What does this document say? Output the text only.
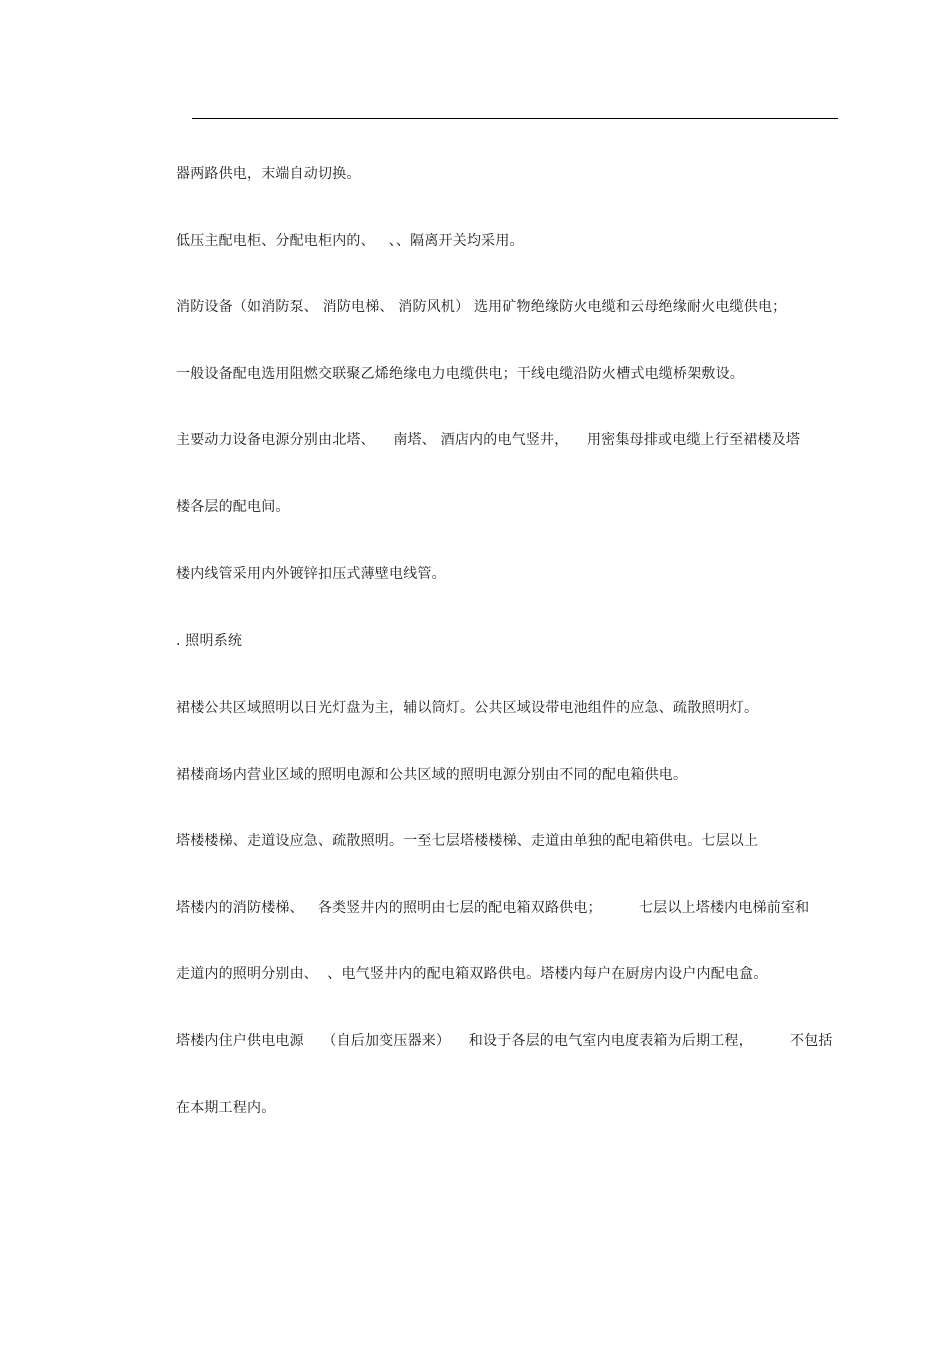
器两路供电，末端自动切换。
低压主配电柜、分配电柜内的、   、、隔离开关均采用。
消防设备（如消防泵、 消防电梯、 消防风机） 选用矿物绝缘防火电缆和云母绝缘耐火电缆供电；
一般设备配电选用阻燃交联聚乙烯绝缘电力电缆供电；干线电缆沿防火槽式电缆桥架敷设。
主要动力设备电源分别由北塔、    南塔、 酒店内的电气竖井，    用密集母排或电缆上行至裙楼及塔
楼各层的配电间。
楼内线管采用内外镀锌扣压式薄壁电线管。
. 照明系统
裙楼公共区域照明以日光灯盘为主，辅以筒灯。公共区域设带电池组件的应急、疏散照明灯。
裙楼商场内营业区域的照明电源和公共区域的照明电源分别由不同的配电箱供电。
塔楼楼梯、走道设应急、疏散照明。一至七层塔楼楼梯、走道由单独的配电箱供电。七层以上
塔楼内的消防楼梯、   各类竖井内的照明由七层的配电箱双路供电；        七层以上塔楼内电梯前室和
走道内的照明分别由、  、电气竖井内的配电箱双路供电。塔楼内每户在厨房内设户内配电盒。
塔楼内住户供电电源    （自后加变压器来）    和设于各层的电气室内电度表箱为后期工程，        不包括
在本期工程内。
